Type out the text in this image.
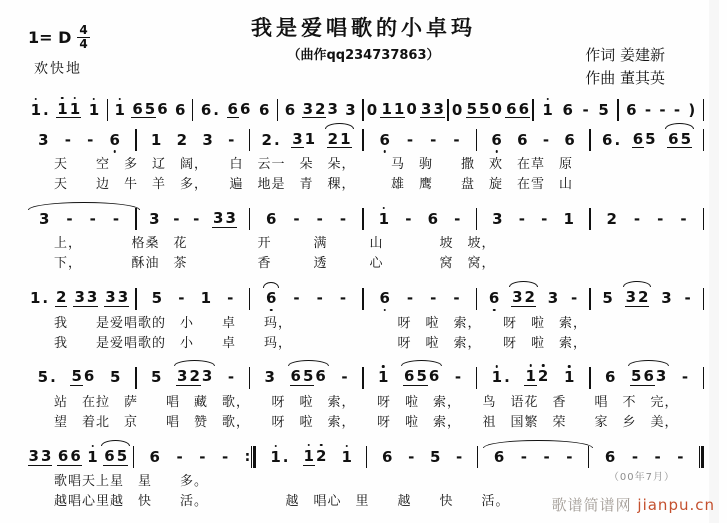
我是爱唱歌的小卓玛
（曲作qq234737863）
1= D $\frac{4}{4}$
欢快地
作词 姜建新
作曲 董其英
1 . 1 1 1 1 6 5 6 6 6 . 6 6 6 6 3 2 3 3 0 1 1 0 3 3 0 5 5 0 6 6 1 6 - 5 6 - - - )
3 - - 6 1 2 3 - 2 . 3 1 2 1 6 - - - 6 6 - 6 6 . 6 5 6 5
天　　空　多　辽　阔，　　白　云一　朵　朵，　　　马　驹　　撒　欢　在草　原
天　　边　牛　羊　多，　　遍　地是　青　稞，　　　雄　鹰　　盘　旋　在雪　山
3 - - - 3 - - 3 3 6 - - - 1 - 6 - 3 - - 1 2 - - -
上，　　　　格桑　花　　　　　开　　　满　　　山　　　　坡　坡，
下，　　　　酥油　茶　　　　　香　　　透　　　心　　　　窝　窝，
1 . 2 3 3 3 3 5 - 1 - 6 - - - 6 - - - 6 3 2 3 - 5 3 2 3 -
我　　是爱唱歌的　小　　卓　　玛，　　　　　　　　呀　啦　索，　　呀　啦　索，
我　　是爱唱歌的　小　　卓　　玛，　　　　　　　　呀　啦　索，　　呀　啦　索，
5 . 5 6 5 5 3 2 3 - 3 6 5 6 - 1 6 5 6 - 1 . 1 2 1 6 5 6 3 -
站　在拉　萨　　唱　藏　歌，　　呀　啦　索，　　呀　啦　索，　　鸟　语花　香　　唱　不　完，
望　着北　京　　唱　赞　歌，　　呀　啦　索，　　呀　啦　索，　　祖　国繁　荣　　家　乡　美，
3 3 6 6 1 6 5 6 - - - : 1 . 1 2 1 6 - 5 - 6 - - - 6 - - -
歌唱天上星　星　　多。
越唱心里越　快　　活。　　　　　　越　唱心　里　　越　　快　　活。
（00年7月）
歌谱简谱网 jianpu.cn
